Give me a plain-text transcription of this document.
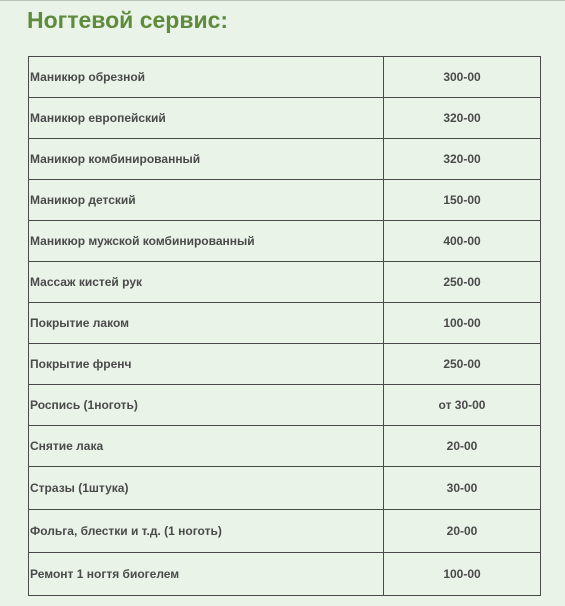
Ногтевой сервис:
Маникюр обрезной	300-00
Маникюр европейский	320-00
Маникюр комбинированный	320-00
Маникюр детский	150-00
Маникюр мужской комбинированный	400-00
Массаж кистей рук	250-00
Покрытие лаком	100-00
Покрытие френч	250-00
Роспись (1ноготь)	от 30-00
Снятие лака	20-00
Стразы (1штука)	30-00
Фольга, блестки и т.д. (1 ноготь)	20-00
Ремонт 1 ногтя биогелем	100-00
